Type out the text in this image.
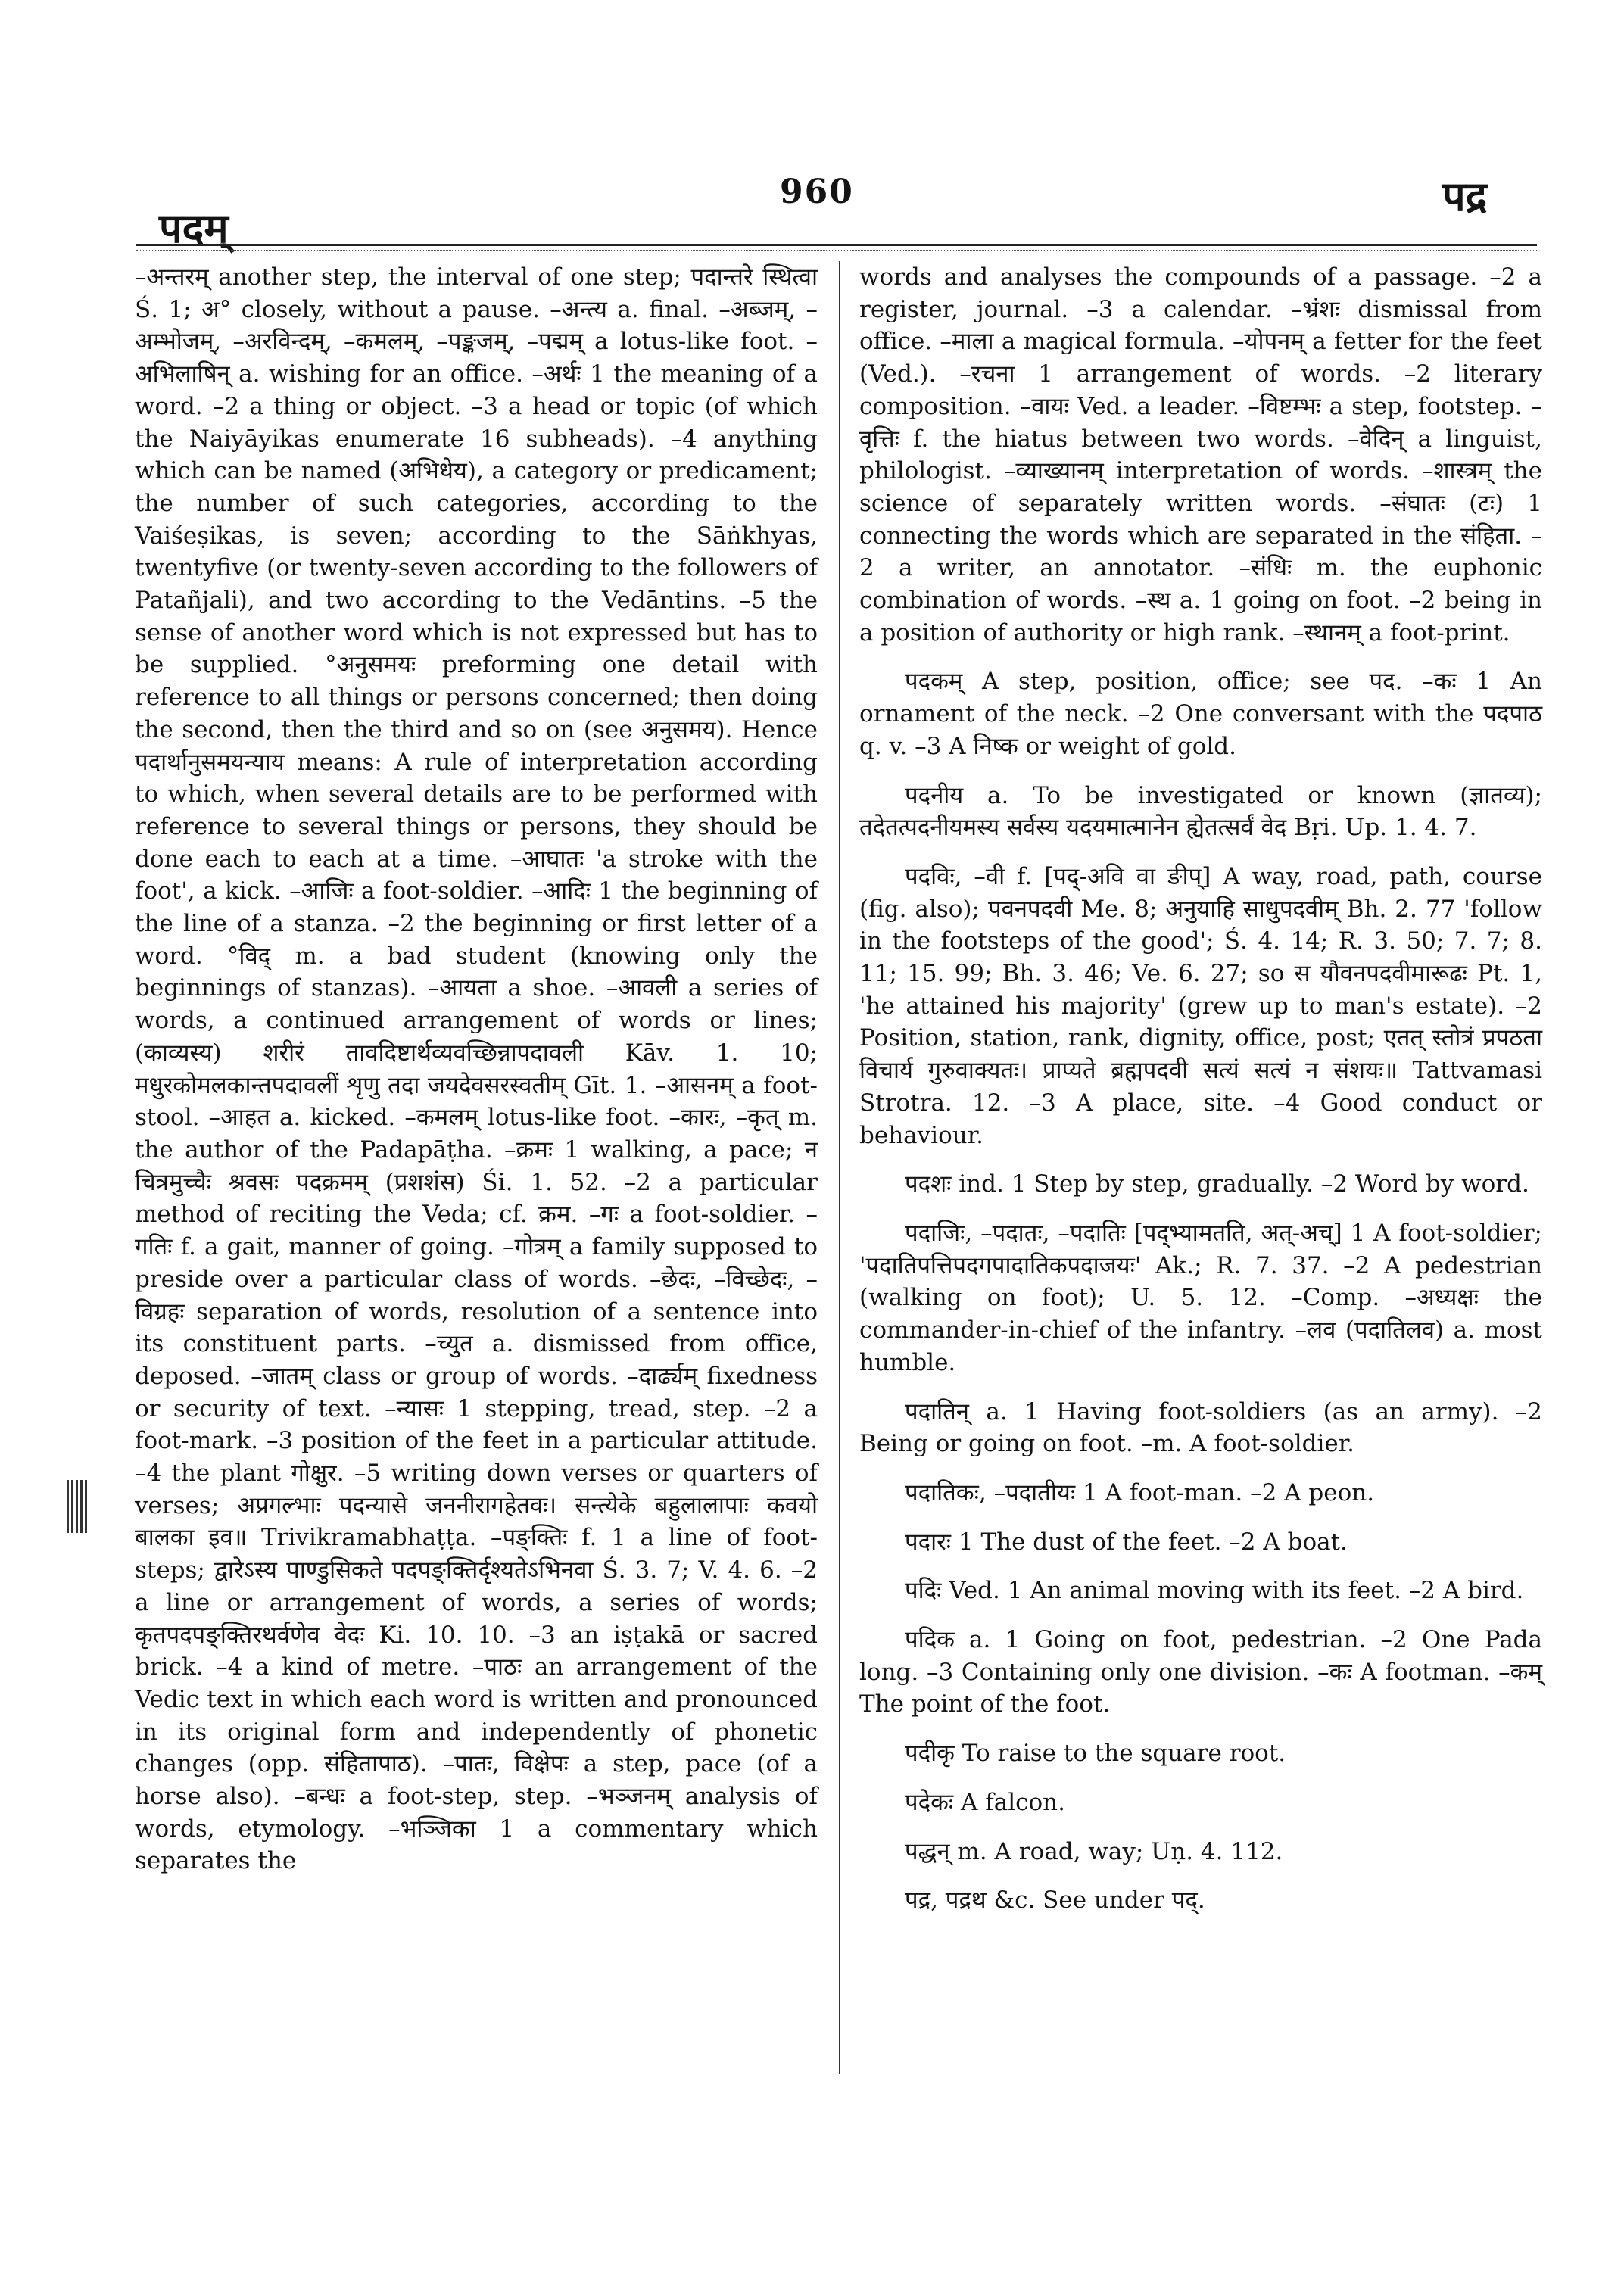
पदम्
960	पद्र

–अन्तरम् another step, the interval of one step; पदान्तरे स्थित्वा Ś. 1; अ° closely, without a pause. –अन्त्य a. final. –अब्जम्, –अम्भोजम्, –अरविन्दम्, –कमलम्, –पङ्कजम्, –पद्मम् a lotus-like foot. –अभिलाषिन् a. wishing for an office. –अर्थः 1 the meaning of a word. –2 a thing or object. –3 a head or topic (of which the Naiyāyikas enumerate 16 subheads). –4 anything which can be named (अभिधेय), a category or predicament; the number of such categories, according to the Vaiśeṣikas, is seven; according to the Sāṅkhyas, twentyfive (or twenty-seven according to the followers of Patañjali), and two according to the Vedāntins. –5 the sense of another word which is not expressed but has to be supplied. °अनुसमयः preforming one detail with reference to all things or persons concerned; then doing the second, then the third and so on (see अनुसमय). Hence पदार्थानुसमयन्याय means: A rule of interpretation according to which, when several details are to be performed with reference to several things or persons, they should be done each to each at a time. –आघातः 'a stroke with the foot', a kick. –आजिः a foot-soldier. –आदिः 1 the beginning of the line of a stanza. –2 the beginning or first letter of a word. °विद् m. a bad student (knowing only the beginnings of stanzas). –आयता a shoe. –आवली a series of words, a continued arrangement of words or lines; (काव्यस्य) शरीरं तावदिष्टार्थव्यवच्छिन्नापदावली Kāv. 1. 10; मधुरकोमलकान्तपदावलीं शृणु तदा जयदेवसरस्वतीम् Gīt. 1. –आसनम् a foot-stool. –आहत a. kicked. –कमलम् lotus-like foot. –कारः, –कृत् m. the author of the Padapāṭha. –क्रमः 1 walking, a pace; न चित्रमुच्चैः श्रवसः पदक्रमम् (प्रशशंस) Śi. 1. 52. –2 a particular method of reciting the Veda; cf. क्रम. –गः a foot-soldier. –गतिः f. a gait, manner of going. –गोत्रम् a family supposed to preside over a particular class of words. –छेदः, –विच्छेदः, –विग्रहः separation of words, resolution of a sentence into its constituent parts. –च्युत a. dismissed from office, deposed. –जातम् class or group of words. –दार्ढ्यम् fixedness or security of text. –न्यासः 1 stepping, tread, step. –2 a foot-mark. –3 position of the feet in a particular attitude. –4 the plant गोक्षुर. –5 writing down verses or quarters of verses; अप्रगल्भाः पदन्यासे जननीरागहेतवः। सन्त्येके बहुलालापाः कवयो बालका इव॥ Trivikramabhaṭṭa. –पङ्क्तिः f. 1 a line of foot-steps; द्वारेऽस्य पाण्डुसिकते पदपङ्क्तिर्दृश्यतेऽभिनवा Ś. 3. 7; V. 4. 6. –2 a line or arrangement of words, a series of words; कृतपदपङ्क्तिरथर्वणेव वेदः Ki. 10. 10. –3 an iṣṭakā or sacred brick. –4 a kind of metre. –पाठः an arrangement of the Vedic text in which each word is written and pronounced in its original form and independently of phonetic changes (opp. संहितापाठ). –पातः, विक्षेपः a step, pace (of a horse also). –बन्धः a foot-step, step. –भञ्जनम् analysis of words, etymology. –भञ्जिका 1 a commentary which separates the

words and analyses the compounds of a passage. –2 a register, journal. –3 a calendar. –भ्रंशः dismissal from office. –माला a magical formula. –योपनम् a fetter for the feet (Ved.). –रचना 1 arrangement of words. –2 literary composition. –वायः Ved. a leader. –विष्टम्भः a step, footstep. –वृत्तिः f. the hiatus between two words. –वेदिन् a linguist, philologist. –व्याख्यानम् interpretation of words. –शास्त्रम् the science of separately written words. –संघातः (टः) 1 connecting the words which are separated in the संहिता. –2 a writer, an annotator. –संधिः m. the euphonic combination of words. –स्थ a. 1 going on foot. –2 being in a position of authority or high rank. –स्थानम् a foot-print.

पदकम् A step, position, office; see पद. –कः 1 An ornament of the neck. –2 One conversant with the पदपाठ q. v. –3 A निष्क or weight of gold.

पदनीय a. To be investigated or known (ज्ञातव्य); तदेतत्पदनीयमस्य सर्वस्य यदयमात्मानेन ह्येतत्सर्वं वेद Bṛi. Up. 1. 4. 7.

पदविः, –वी f. [पद्-अवि वा ङीप्] A way, road, path, course (fig. also); पवनपदवी Me. 8; अनुयाहि साधुपदवीम् Bh. 2. 77 'follow in the footsteps of the good'; Ś. 4. 14; R. 3. 50; 7. 7; 8. 11; 15. 99; Bh. 3. 46; Ve. 6. 27; so स यौवनपदवीमारूढः Pt. 1, 'he attained his majority' (grew up to man's estate). –2 Position, station, rank, dignity, office, post; एतत् स्तोत्रं प्रपठता विचार्य गुरुवाक्यतः। प्राप्यते ब्रह्मपदवी सत्यं सत्यं न संशयः॥ Tattvamasi Strotra. 12. –3 A place, site. –4 Good conduct or behaviour.

पदशः ind. 1 Step by step, gradually. –2 Word by word.

पदाजिः, –पदातः, –पदातिः [पद्भ्यामतति, अत्-अच्] 1 A foot-soldier; 'पदातिपत्तिपदगपादातिकपदाजयः' Ak.; R. 7. 37. –2 A pedestrian (walking on foot); U. 5. 12. –Comp. –अध्यक्षः the commander-in-chief of the infantry. –लव (पदातिलव) a. most humble.

पदातिन् a. 1 Having foot-soldiers (as an army). –2 Being or going on foot. –m. A foot-soldier.

पदातिकः, –पदातीयः 1 A foot-man. –2 A peon.

पदारः 1 The dust of the feet. –2 A boat.

पदिः Ved. 1 An animal moving with its feet. –2 A bird.

पदिक a. 1 Going on foot, pedestrian. –2 One Pada long. –3 Containing only one division. –कः A footman. –कम् The point of the foot.

पदीकृ To raise to the square root.

पदेकः A falcon.

पद्धन् m. A road, way; Uṇ. 4. 112.

पद्र, पद्रथ &c. See under पद्.
